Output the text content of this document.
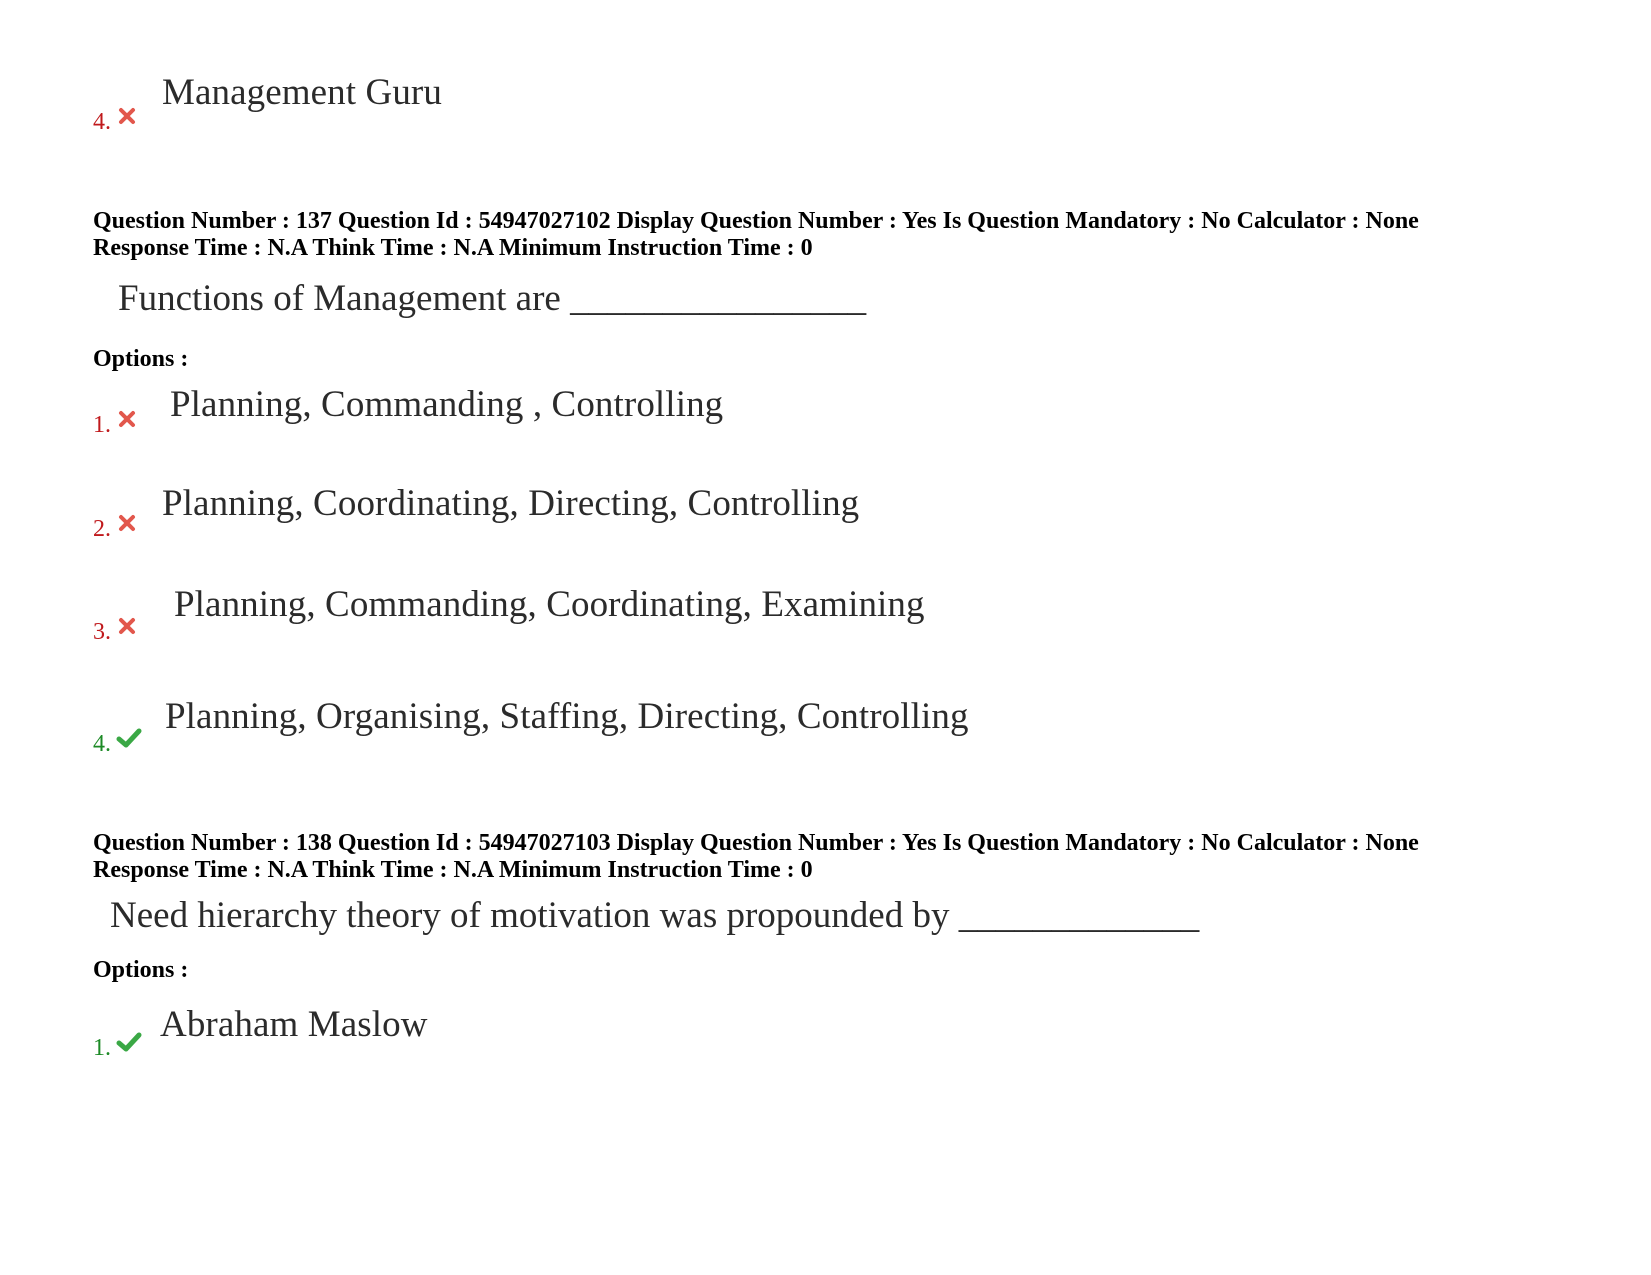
Management Guru
4.
Question Number : 137 Question Id : 54947027102 Display Question Number : Yes Is Question Mandatory : No Calculator : None
Response Time : N.A Think Time : N.A Minimum Instruction Time : 0
Functions of Management are ________________
Options :
Planning, Commanding , Controlling
1.
Planning, Coordinating, Directing, Controlling
2.
Planning, Commanding, Coordinating, Examining
3.
Planning, Organising, Staffing, Directing, Controlling
4.
Question Number : 138 Question Id : 54947027103 Display Question Number : Yes Is Question Mandatory : No Calculator : None
Response Time : N.A Think Time : N.A Minimum Instruction Time : 0
Need hierarchy theory of motivation was propounded by _____________
Options :
Abraham Maslow
1.
